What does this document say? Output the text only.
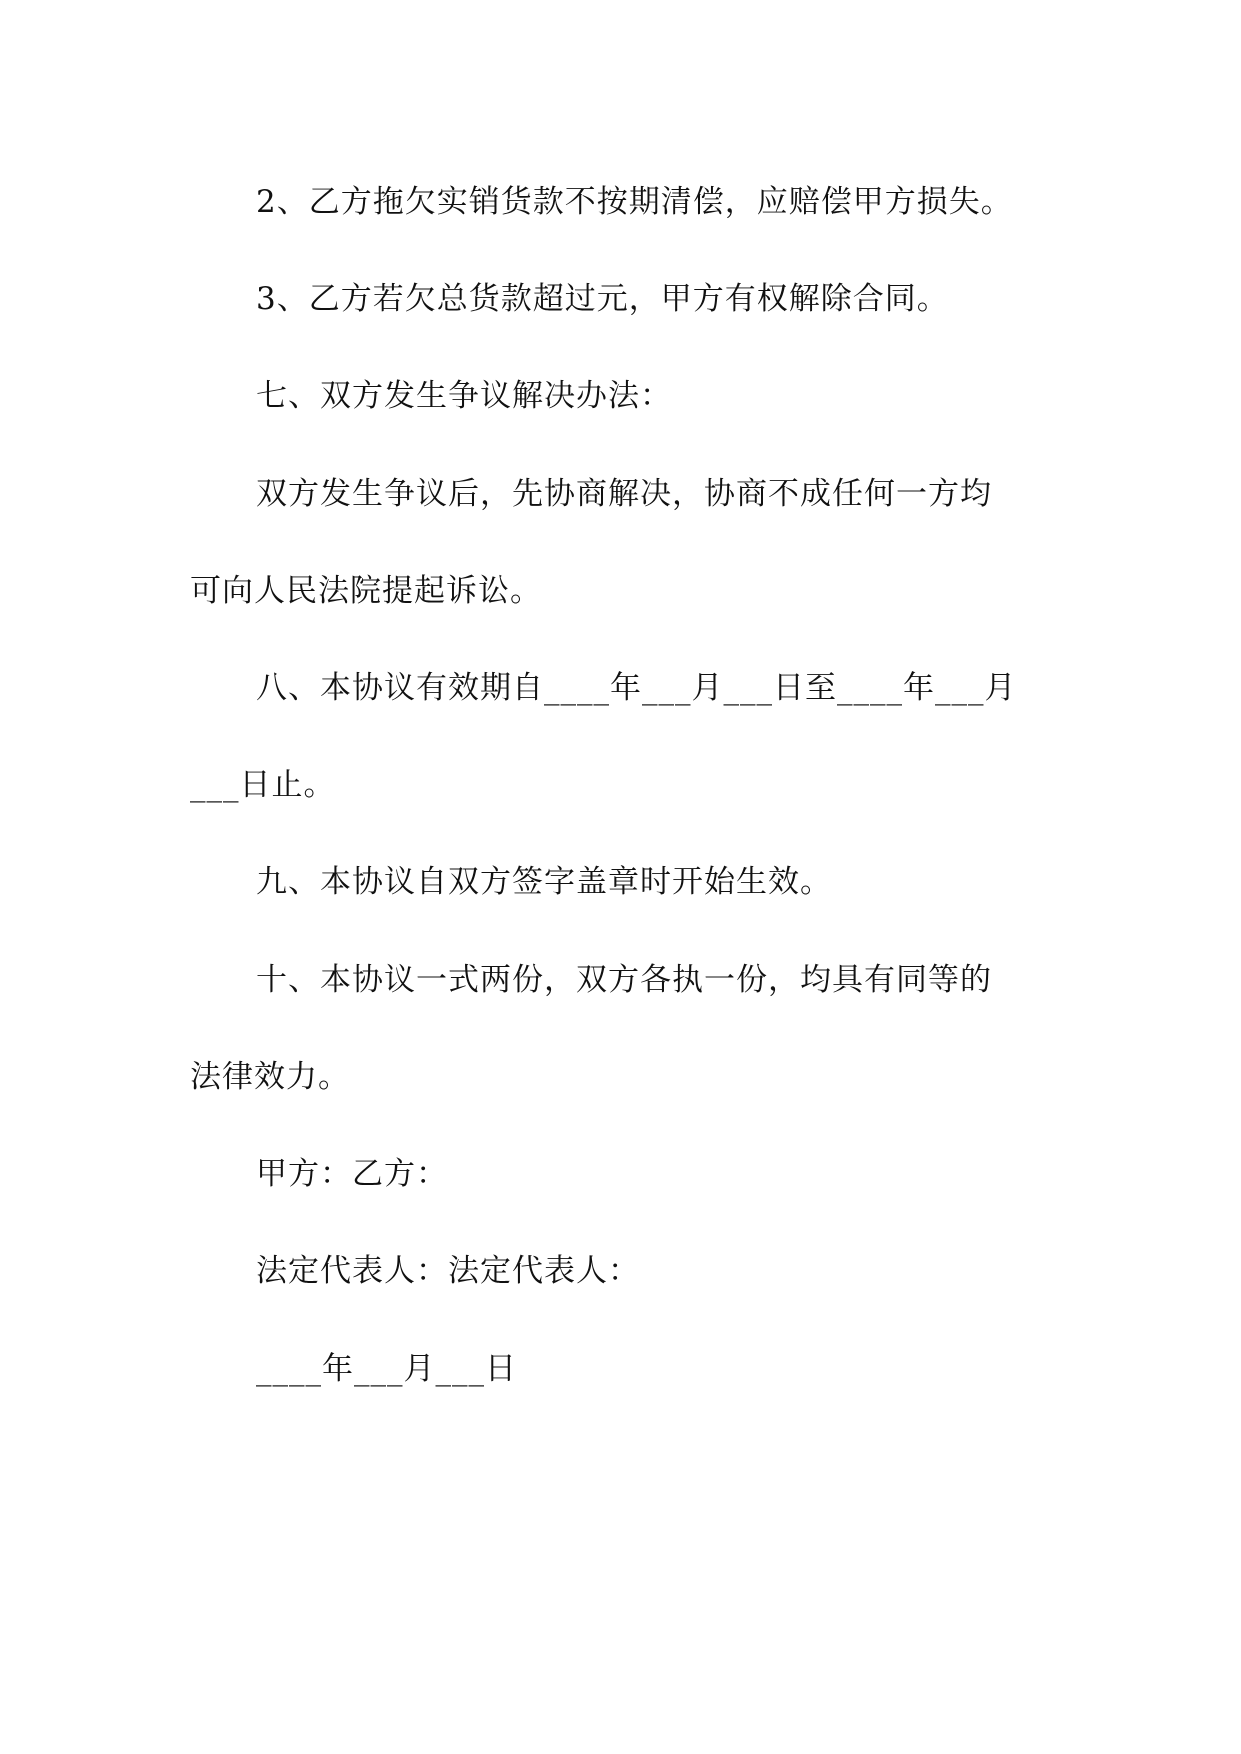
2、乙方拖欠实销货款不按期清偿，应赔偿甲方损失。
3、乙方若欠总货款超过元，甲方有权解除合同。
七、双方发生争议解决办法：
双方发生争议后，先协商解决，协商不成任何一方均
可向人民法院提起诉讼。
八、本协议有效期自____年___月___日至____年___月
___日止。
九、本协议自双方签字盖章时开始生效。
十、本协议一式两份，双方各执一份，均具有同等的
法律效力。
甲方：乙方：
法定代表人：法定代表人：
____年___月___日
